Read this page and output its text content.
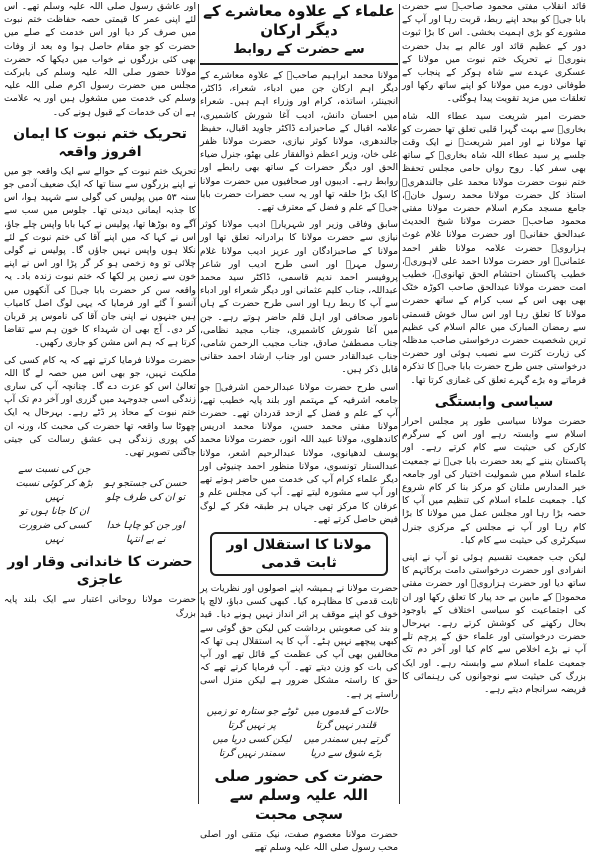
قائد انقلاب مفتی محمود صاحبؒ سے حضرت بابا جیؒ کو بیحد اپنے ربط، قربت رہا اور آپ کے مشورے کو بڑی اہمیت بخشی۔ اس کا بڑا ثبوت دور کے عظیم قائد اور عالم بے بدل حضرت بنوریؒ نے تحریک ختم نبوت میں مولانا کے عسکری عہدے سے شاہ ہوکر کے پنجاب کے طوفانی دورے میں مولانا کو اپنے ساتھ رکھا اور تعلقات میں مزید تقویت پیدا ہوگئی۔

حضرت امیر شریعت سید عطاء اللہ شاہ بخاریؒ سے بہت گہرا قلبی تعلق تھا حضرت کو تھا مولانا نے اور امیر شریعتؒ نے ایک وقت جلسے پر سید عطاء اللہ شاہ بخاریؒ کے ساتھ بھی سفر کیا۔ روح رواں حامی مجلس تحفظ ختم نبوت حضرت مولانا محمد علی جالندھریؒ استاذ کل حضرت مولانا محمد رسول خانؒ، جامع مسجد مکرم اسلام حضرت مولانا مفتی محمود صاحبؒ حضرت مولانا شیخ الحدیث عبدالحق حقانیؒ اور حضرت مولانا غلام غوث ہزارویؒ حضرت علامہ مولانا ظفر احمد عثمانیؒ اور حضرت مولانا احمد علی لاہوریؒ، خطیب پاکستان احتشام الحق تھانویؒ، خطیب امت حضرت مولانا عبدالحق صاحب اکوڑہ خٹک بھی بھی اس کے سب کرام کے ساتھ حضرت مولانا کا تعلق رہا اور اس سال خوش قسمتی سے رمضان المبارک میں عالم اسلام کی عظیم ترین شخصیت حضرت درخواستی صاحب مدظلہ کی زیارت کثرت سے نصیب ہوئی اور حضرت درخواستی جس طرح حضرت بابا جیؒ کا تذکرہ فرماتے وہ بڑے گہرے تعلق کی غمازی کرتا تھا۔

سیاسی وابستگی

حضرت مولانا سیاسی طور پر مجلس احرار اسلام سے وابستہ رہے اور اس کے سرگرم کارکن کی حیثیت سے کام کرتے رہے۔ اور پاکستان بننے کے بعد حضرت بابا جیؒ نے جمعیت علماء اسلام میں شمولیت اختیار کی اور جامعہ خیر المدارس ملتان کو مرکز بنا کر کام شروع کیا۔ جمعیت علماء اسلام کی تنظیم میں آپ کا حصہ بڑا رہا اور مجلس عمل میں مولانا کا بڑا کام رہا اور آپ نے مجلس کے مرکزی جنرل سیکرٹری کی حیثیت سے کام کیا۔

لیکن جب جمعیت تقسیم ہوئی تو آپ نے اپنی انفرادی اور حضرت درخواستی دامت برکاتہم کا ساتھ دیا اور حضرت ہزارویؒ اور حضرت مفتی محمودؒ کے مابین بے حد پیار کا تعلق رکھا اور ان کی اجتماعیت کو سیاسی اختلاف کے باوجود بحال رکھنے کی کوشش کرتے رہے۔ بہرحال حضرت درخواستی اور علماء حق کے پرچم تلے آپ نے بڑے اخلاص سے کام کیا اور آخر دم تک جمعیت علماء اسلام سے وابستہ رہے۔ اور ایک بزرگ کی حیثیت سے نوجوانوں کی رہنمائی کا فریضہ سرانجام دیتے رہے۔

علماء کے علاوہ معاشرے کے دیگر ارکان
سے حضرت کے روابط

مولانا محمد ابراہیم صاحبؒ کے علاوہ معاشرے کے دیگر اہم ارکان جن میں ادباء، شعراء، ڈاکٹر، انجینئر، اساتذہ، کرام اور وزراء اہم ہیں۔ شعراء میں احسان دانش، ادیب آغا شورش کاشمیری، علامہ اقبال کے صاحبزادے ڈاکٹر جاوید اقبال، حفیظ جالندھری، مولانا کوثر نیازی، حضرت مولانا ظفر علی خان، وزیر اعظم ذوالفقار علی بھٹو، جنرل ضیاء الحق اور دیگر حضرات کے ساتھ بھی رابطے اور روابط رہے۔ ادیبوں اور صحافیوں میں حضرت مولانا کا ایک بڑا حلقہ تھا اور یہ سب حضرات حضرت بابا جیؒ کے علم و فضل کے معترف تھے۔

سابق وفاقی وزیر اور شہریارؔ ادیب مولانا کوثر نیازی سے حضرت مولانا کا برادرانہ تعلق تھا اور مولانا کے صاحبزادگان اور عزیز ادیب مولانا غلام رسول مہرؔ اور اسی طرح ادیب اور شاعر پروفیسر احمد ندیم قاسمی، ڈاکٹر سید محمد عبداللہ، جناب کلیم عثمانی اور دیگر شعراء اور ادباء سے آپ کا ربط رہا اور اسی طرح حضرت کے ہاں نامور صحافی اور اہل قلم حاضر ہوتے رہے۔ جن میں آغا شورش کاشمیری، جناب مجید نظامی، جناب مصطفیٰ صادق، جناب مجیب الرحمن شامی، جناب عبدالقادر حسن اور جناب ارشاد احمد حقانی قابل ذکر ہیں۔

اسی طرح حضرت مولانا عبدالرحمن اشرفیؒ جو جامعہ اشرفیہ کے مہتمم اور بلند پایہ خطیب تھے، آپ کے علم و فضل کے ازحد قدردان تھے۔ حضرت مولانا مفتی محمد حسن، مولانا محمد ادریس کاندھلوی، مولانا عبید اللہ انور، حضرت مولانا محمد یوسف لدھیانوی، مولانا عبدالرحیم اشعر، مولانا عبدالستار تونسوی، مولانا منظور احمد چنیوٹی اور دیگر علماء کرام آپ کی خدمت میں حاضر ہوتے تھے اور آپ سے مشورہ لیتے تھے۔ آپ کی مجلس علم و عرفان کا مرکز تھی جہاں ہر طبقہ فکر کے لوگ فیض حاصل کرتے تھے۔

مولانا کا استقلال اور ثابت قدمی

حضرت مولانا نے ہمیشہ اپنے اصولوں اور نظریات پر ثابت قدمی کا مظاہرہ کیا۔ کبھی کسی دباؤ، لالچ یا خوف کو اپنے موقف پر اثر انداز نہیں ہونے دیا۔ قید و بند کی صعوبتیں برداشت کیں لیکن حق گوئی سے کبھی پیچھے نہیں ہٹے۔ آپ کا یہ استقلال ہی تھا کہ مخالفین بھی آپ کی عظمت کے قائل تھے اور آپ کی بات کو وزن دیتے تھے۔ آپ فرمایا کرتے تھے کہ حق کا راستہ مشکل ضرور ہے لیکن منزل اسی راستے پر ہے۔

حالات کے قدموں میں قلندر نہیں گرتا ٹوٹے جو ستارہ تو زمیں پر نہیں گرتا
گرتے ہیں سمندر میں بڑے شوق سے دریا لیکن کسی دریا میں سمندر نہیں گرتا
حضرت کی حضور صلی اللہ علیہ وسلم سے
سچی محبت

حضرت مولانا معصوم صفت، نیک متقی اور اصلی محب رسول صلی اللہ علیہ وسلم تھے

اور عاشق رسول صلی اللہ علیہ وسلم تھے۔ اس لئے اپنی عمر کا قیمتی حصہ حفاظت ختم نبوت میں صرف کر دیا اور اس خدمت کے صلے میں حضرت کو جو مقام حاصل ہوا وہ بعد از وفات بھی کئی بزرگوں نے خواب میں دیکھا کہ حضرت مولانا حضور صلی اللہ علیہ وسلم کی بابرکت مجلس میں حضرت رسول اکرم صلی اللہ علیہ وسلم کی خدمت میں مشغول ہیں اور یہ علامت ہے ان کی خدمات کے قبول ہونے کی۔

تحریک ختم نبوت کا ایمان افروز واقعہ

تحریک ختم نبوت کے حوالے سے ایک واقعہ جو میں نے اپنے بزرگوں سے سنا تھا کہ ایک ضعیف آدمی جو سنہ ۵۳ میں پولیس کی گولی سے شہید ہوا، اس کا جذبہ ایمانی دیدنی تھا۔ جلوس میں سب سے آگے وہ بوڑھا تھا، پولیس نے کہا بابا واپس چلے جاؤ، اس نے کہا کہ میں اپنے آقا کی ختم نبوت کے لئے نکلا ہوں واپس نہیں جاؤں گا۔ پولیس نے گولی چلائی تو وہ زخمی ہو کر گر پڑا اور اس نے اپنے خون سے زمین پر لکھا کہ ختم نبوت زندہ باد۔ یہ واقعہ سن کر حضرت بابا جیؒ کی آنکھوں میں آنسو آ گئے اور فرمایا کہ یہی لوگ اصل کامیاب ہیں جنہوں نے اپنی جان آقا کی ناموس پر قربان کر دی۔ آج بھی ان شہداء کا خون ہم سے تقاضا کرتا ہے کہ ہم اس مشن کو جاری رکھیں۔

حضرت مولانا فرمایا کرتے تھے کہ یہ کام کسی کی ملکیت نہیں، جو بھی اس میں حصہ لے گا اللہ تعالیٰ اس کو عزت دے گا۔ چنانچہ آپ کی ساری زندگی اسی جدوجہد میں گزری اور آخر دم تک آپ ختم نبوت کے محاذ پر ڈٹے رہے۔ بہرحال یہ ایک چھوٹا سا واقعہ تھا حضرت کی محبت کا، ورنہ ان کی پوری زندگی ہی عشق رسالت کی جیتی جاگتی تصویر تھی۔

حسن کی جستجو ہو تو ان کی طرف چلو جن کی نسبت سے بڑھ کر کوئی نسبت نہیں
اور جن کو چاہا خدا نے بے انتہا ان کا جانا ہوں تو کسی کی ضرورت نہیں
حضرت کا خاندانی وقار اور عاجزی

حضرت مولانا روحانی اعتبار سے ایک بلند پایہ بزرگ
